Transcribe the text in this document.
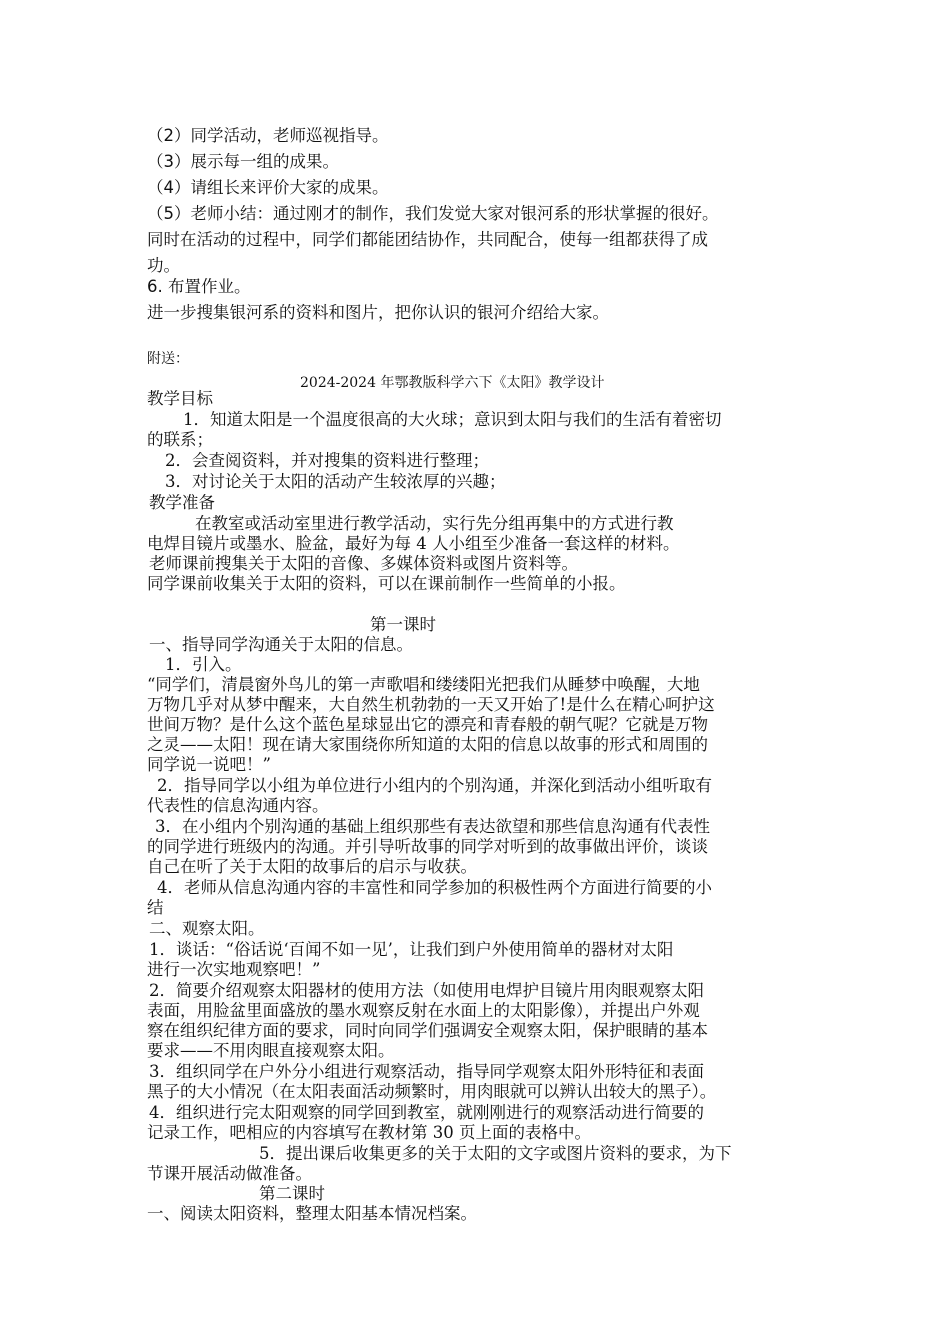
（2）同学活动，老师巡视指导。
（3）展示每一组的成果。
（4）请组长来评价大家的成果。
（5）老师小结：通过刚才的制作，我们发觉大家对银河系的形状掌握的很好。
同时在活动的过程中，同学们都能团结协作，共同配合，使每一组都获得了成
功。
6. 布置作业。
进一步搜集银河系的资料和图片，把你认识的银河介绍给大家。
附送：
2024-2024 年鄂教版科学六下《太阳》教学设计
教学目标
1．知道太阳是一个温度很高的大火球；意识到太阳与我们的生活有着密切
的联系；
2．会查阅资料，并对搜集的资料进行整理；
3．对讨论关于太阳的活动产生较浓厚的兴趣；
教学准备
在教室或活动室里进行教学活动，实行先分组再集中的方式进行教
电焊目镜片或墨水、脸盆，最好为每 4 人小组至少准备一套这样的材料。
老师课前搜集关于太阳的音像、多媒体资料或图片资料等。
同学课前收集关于太阳的资料，可以在课前制作一些简单的小报。
第一课时
一、指导同学沟通关于太阳的信息。
1．引入。
“同学们，清晨窗外鸟儿的第一声歌唱和缕缕阳光把我们从睡梦中唤醒，大地
万物几乎对从梦中醒来，大自然生机勃勃的一天又开始了!是什么在精心呵护这
世间万物？是什么这个蓝色星球显出它的漂亮和青春般的朝气呢？它就是万物
之灵——太阳！现在请大家围绕你所知道的太阳的信息以故事的形式和周围的
同学说一说吧！”
2．指导同学以小组为单位进行小组内的个别沟通，并深化到活动小组听取有
代表性的信息沟通内容。
3．在小组内个别沟通的基础上组织那些有表达欲望和那些信息沟通有代表性
的同学进行班级内的沟通。并引导听故事的同学对听到的故事做出评价，谈谈
自己在听了关于太阳的故事后的启示与收获。
4．老师从信息沟通内容的丰富性和同学参加的积极性两个方面进行简要的小
结
二、观察太阳。
1．谈话：“俗话说‘百闻不如一见’，让我们到户外使用简单的器材对太阳
进行一次实地观察吧！”
2．简要介绍观察太阳器材的使用方法（如使用电焊护目镜片用肉眼观察太阳
表面，用脸盆里面盛放的墨水观察反射在水面上的太阳影像），并提出户外观
察在组织纪律方面的要求，同时向同学们强调安全观察太阳，保护眼睛的基本
要求——不用肉眼直接观察太阳。
3．组织同学在户外分小组进行观察活动，指导同学观察太阳外形特征和表面
黑子的大小情况（在太阳表面活动频繁时，用肉眼就可以辨认出较大的黑子）。
4．组织进行完太阳观察的同学回到教室，就刚刚进行的观察活动进行简要的
记录工作，吧相应的内容填写在教材第 30 页上面的表格中。
5．提出课后收集更多的关于太阳的文字或图片资料的要求，为下
节课开展活动做准备。
第二课时
一、阅读太阳资料，整理太阳基本情况档案。
